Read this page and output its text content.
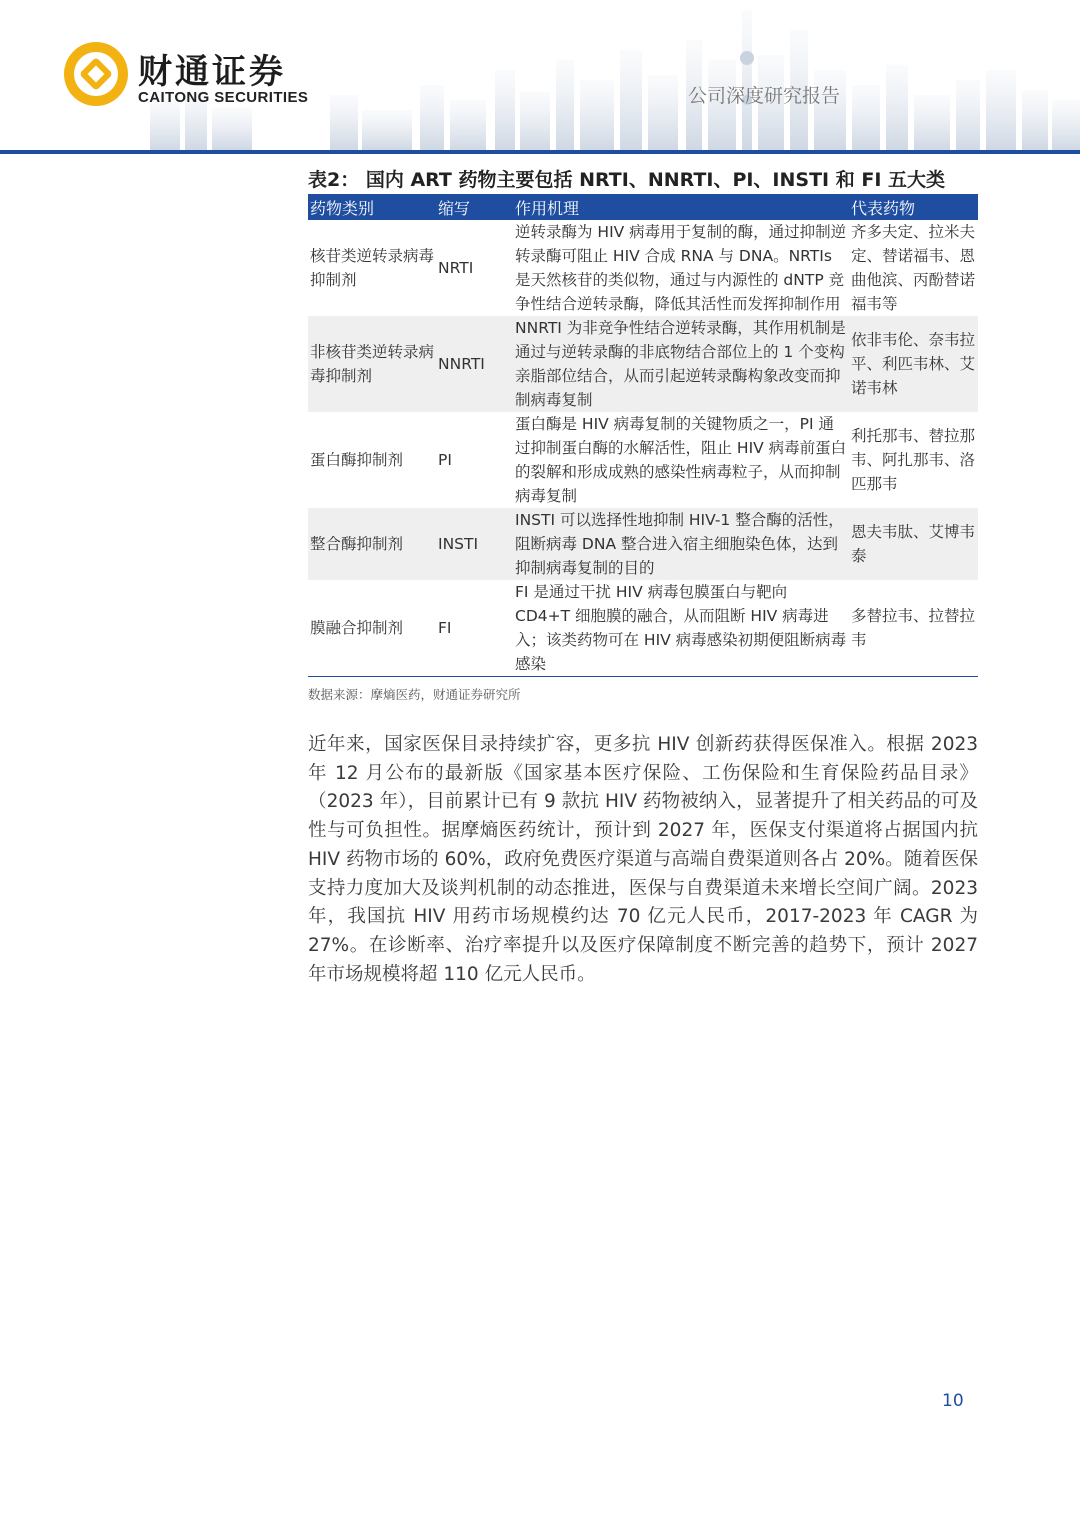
财通证券
CAITONG SECURITIES	公司深度研究报告
表2： 国内 ART 药物主要包括 NRTI、NNRTI、PI、INSTI 和 FI 五大类
药物类别	缩写	作用机理	代表药物
核苷类逆转录病毒抑制剂	NRTI	逆转录酶为 HIV 病毒用于复制的酶，通过抑制逆转录酶可阻止 HIV 合成 RNA 与 DNA。NRTIs 是天然核苷的类似物，通过与内源性的 dNTP 竞争性结合逆转录酶，降低其活性而发挥抑制作用	齐多夫定、拉米夫定、替诺福韦、恩曲他滨、丙酚替诺福韦等
非核苷类逆转录病毒抑制剂	NNRTI	NNRTI 为非竞争性结合逆转录酶，其作用机制是通过与逆转录酶的非底物结合部位上的 1 个变构亲脂部位结合，从而引起逆转录酶构象改变而抑制病毒复制	依非韦伦、奈韦拉平、利匹韦林、艾诺韦林
蛋白酶抑制剂	PI	蛋白酶是 HIV 病毒复制的关键物质之一，PI 通过抑制蛋白酶的水解活性，阻止 HIV 病毒前蛋白的裂解和形成成熟的感染性病毒粒子，从而抑制病毒复制	利托那韦、替拉那韦、阿扎那韦、洛匹那韦
整合酶抑制剂	INSTI	INSTI 可以选择性地抑制 HIV-1 整合酶的活性，阻断病毒 DNA 整合进入宿主细胞染色体，达到抑制病毒复制的目的	恩夫韦肽、艾博韦泰
膜融合抑制剂	FI	FI 是通过干扰 HIV 病毒包膜蛋白与靶向 CD4+T 细胞膜的融合，从而阻断 HIV 病毒进入；该类药物可在 HIV 病毒感染初期便阻断病毒感染	多替拉韦、拉替拉韦
数据来源：摩熵医药，财通证券研究所
近年来，国家医保目录持续扩容，更多抗 HIV 创新药获得医保准入。根据 2023 年 12 月公布的最新版《国家基本医疗保险、工伤保险和生育保险药品目录》（2023 年），目前累计已有 9 款抗 HIV 药物被纳入，显著提升了相关药品的可及性与可负担性。据摩熵医药统计，预计到 2027 年，医保支付渠道将占据国内抗 HIV 药物市场的 60%，政府免费医疗渠道与高端自费渠道则各占 20%。随着医保支持力度加大及谈判机制的动态推进，医保与自费渠道未来增长空间广阔。2023 年，我国抗 HIV 用药市场规模约达 70 亿元人民币，2017-2023 年 CAGR 为 27%。在诊断率、治疗率提升以及医疗保障制度不断完善的趋势下，预计 2027 年市场规模将超 110 亿元人民币。
10
